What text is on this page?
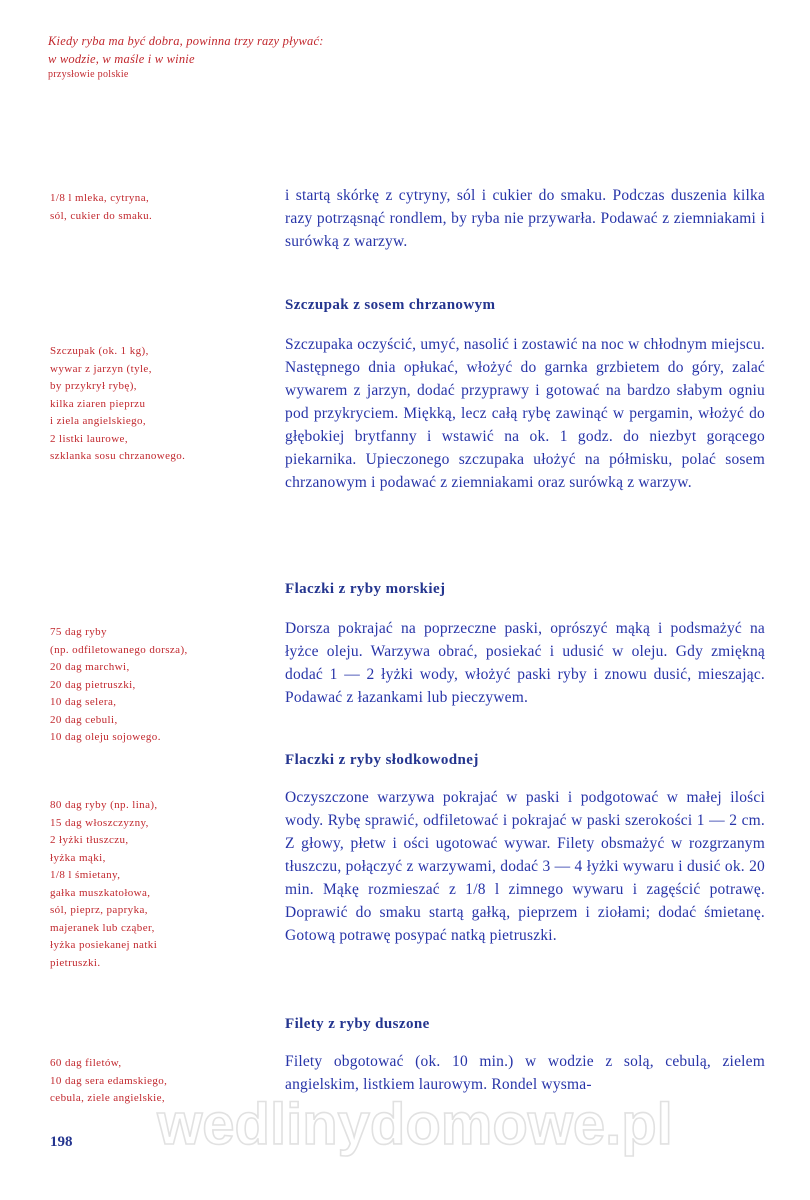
Kiedy ryba ma być dobra, powinna trzy razy pływać:
w wodzie, w maśle i w winie
przysłowie polskie
1/8 l mleka, cytryna,
sól, cukier do smaku.
Szczupak (ok. 1 kg),
wywar z jarzyn (tyle,
by przykrył rybę),
kilka ziaren pieprzu
i ziela angielskiego,
2 listki laurowe,
szklanka sosu chrzanowego.
75 dag ryby
(np. odfiletowanego dorsza),
20 dag marchwi,
20 dag pietruszki,
10 dag selera,
20 dag cebuli,
10 dag oleju sojowego.
80 dag ryby (np. lina),
15 dag włoszczyzny,
2 łyżki tłuszczu,
łyżka mąki,
1/8 l śmietany,
gałka muszkatołowa,
sól, pieprz, papryka,
majeranek lub cząber,
łyżka posiekanej natki
pietruszki.
60 dag filetów,
10 dag sera edamskiego,
cebula, ziele angielskie,
i startą skórkę z cytryny, sól i cukier do smaku. Podczas duszenia kilka razy potrząsnąć rondlem, by ryba nie przywarła. Podawać z ziemniakami i surówką z warzyw.
Szczupak z sosem chrzanowym
Szczupaka oczyścić, umyć, nasolić i zostawić na noc w chłodnym miejscu. Następnego dnia opłukać, włożyć do garnka grzbietem do góry, zalać wywarem z jarzyn, dodać przyprawy i gotować na bardzo słabym ogniu pod przykryciem. Miękką, lecz całą rybę zawinąć w pergamin, włożyć do głębokiej brytfanny i wstawić na ok. 1 godz. do niezbyt gorącego piekarnika. Upieczonego szczupaka ułożyć na półmisku, polać sosem chrzanowym i podawać z ziemniakami oraz surówką z warzyw.
Flaczki z ryby morskiej
Dorsza pokrajać na poprzeczne paski, oprószyć mąką i podsmażyć na łyżce oleju. Warzywa obrać, posiekać i udusić w oleju. Gdy zmiękną dodać 1 — 2 łyżki wody, włożyć paski ryby i znowu dusić, mieszając. Podawać z łazankami lub pieczywem.
Flaczki z ryby słodkowodnej
Oczyszczone warzywa pokrajać w paski i podgotować w małej ilości wody. Rybę sprawić, odfiletować i pokrajać w paski szerokości 1 — 2 cm. Z głowy, płetw i ości ugotować wywar. Filety obsmażyć w rozgrzanym tłuszczu, połączyć z warzywami, dodać 3 — 4 łyżki wywaru i dusić ok. 20 min. Mąkę rozmieszać z 1/8 l zimnego wywaru i zagęścić potrawę. Doprawić do smaku startą gałką, pieprzem i ziołami; dodać śmietanę. Gotową potrawę posypać natką pietruszki.
Filety z ryby duszone
Filety obgotować (ok. 10 min.) w wodzie z solą, cebulą, zielem angielskim, listkiem laurowym. Rondel wysma-
198 wedlinydomowe.pl
